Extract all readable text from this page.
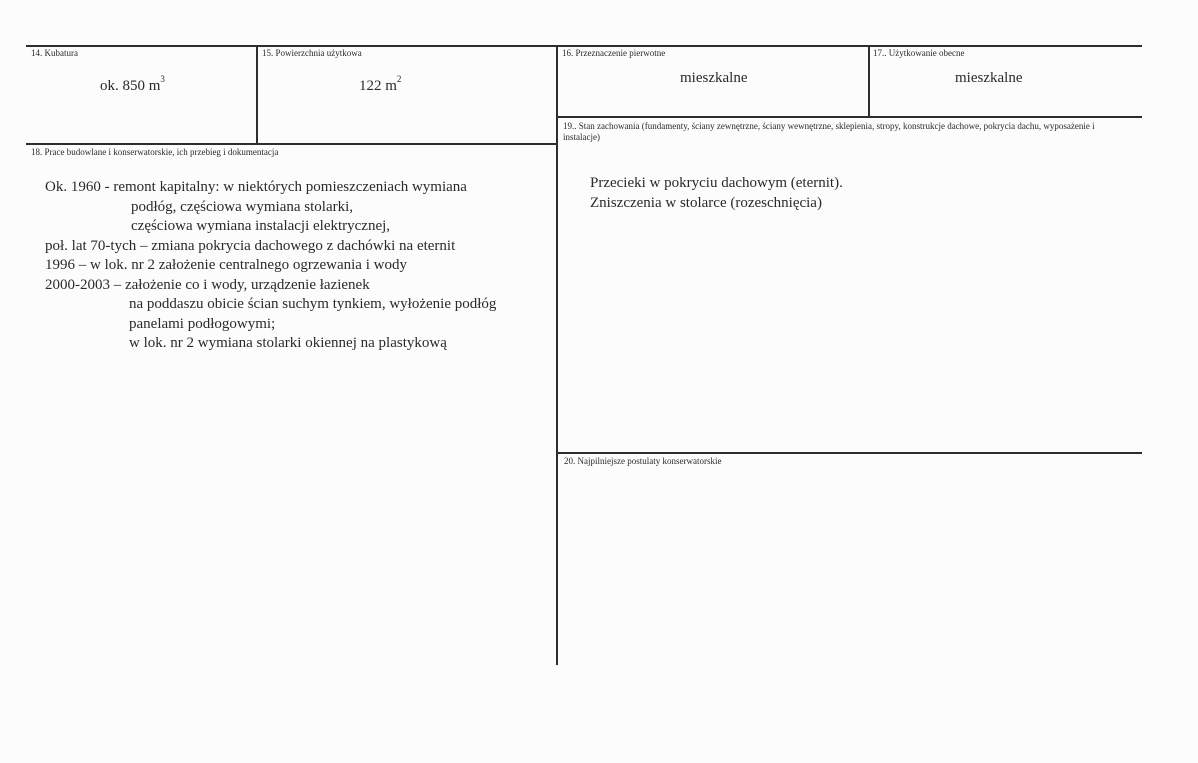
14. Kubatura
ok. 850 $m^3$
15. Powierzchnia użytkowa
122 $m^2$
16. Przeznaczenie pierwotne
mieszkalne
17.. Użytkowanie obecne
mieszkalne
18. Prace budowlane i konserwatorskie, ich przebieg i dokumentacja
Ok. 1960 - remont kapitalny: w niektórych pomieszczeniach wymiana
podłóg, częściowa wymiana stolarki,
częściowa wymiana instalacji elektrycznej,
poł. lat 70-tych – zmiana pokrycia dachowego z dachówki na eternit
1996 – w lok. nr 2 założenie centralnego ogrzewania i wody
2000-2003 – założenie co i wody, urządzenie łazienek
na poddaszu obicie ścian suchym tynkiem, wyłożenie podłóg
panelami podłogowymi;
w lok. nr 2 wymiana stolarki okiennej na plastykową
19.. Stan zachowania (fundamenty, ściany zewnętrzne, ściany wewnętrzne, sklepienia, stropy, konstrukcje dachowe, pokrycia dachu, wyposażenie i instalacje)
Przecieki w pokryciu dachowym (eternit).
Zniszczenia w stolarce (rozeschnięcia)
20. Najpilniejsze postulaty konserwatorskie
